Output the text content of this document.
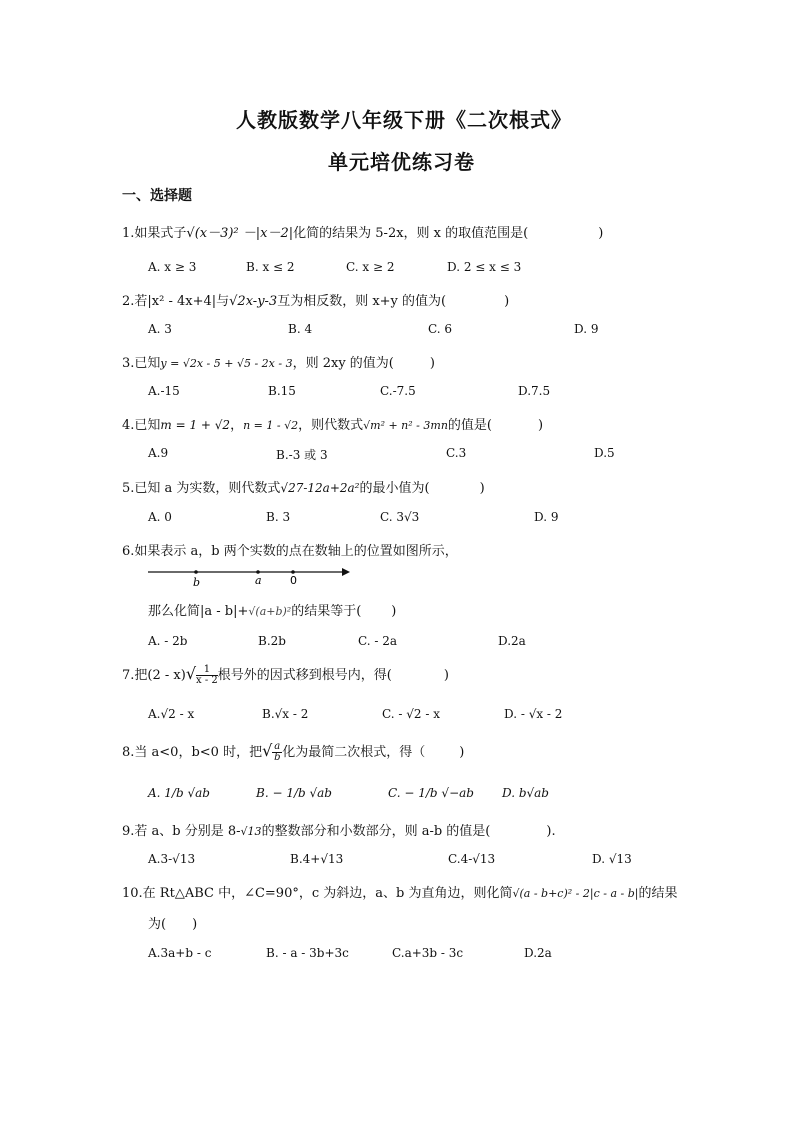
人教版数学八年级下册《二次根式》
单元培优练习卷
一、选择题
1.如果式子√(x－3)² －|x－2|化简的结果为 5-2x，则 x 的取值范围是(	)
A. x ≥ 3	B. x ≤ 2	C. x ≥ 2	D. 2 ≤ x ≤ 3
2.若|x² - 4x+4|与√2x-y-3互为相反数，则 x+y 的值为(	)
A. 3	B. 4	C. 6	D. 9
3.已知y = √2x - 5 + √5 - 2x - 3，则 2xy 的值为(	)
A.-15	B.15	C.-7.5	D.7.5
4.已知m = 1 + √2，n = 1 - √2，则代数式√m² + n² - 3mn的值是(	)
A.9	B.-3 或 3	C.3	D.5
5.已知 a 为实数，则代数式√27-12a+2a²的最小值为(	)
A. 0	B. 3	C. 3√3	D. 9
6.如果表示 a，b 两个实数的点在数轴上的位置如图所示，
b	a	0
那么化简|a - b|+√(a+b)²的结果等于( )
A. - 2b	B.2b	C. - 2a	D.2a
7.把$(2 - x)√ \frac{1}{x - 2}$ 根号外的因式移到根号内，得(	)
A.√2 - x	B.√x - 2	C. - √2 - x	D. - √x - 2
8.当 a<0，b<0 时，把√ $\frac{a}{b}$ 化为最简二次根式，得（	)
A. 1/b √ab	B. − 1/b √ab	C. − 1/b √−ab D. b√ab
9.若 a、b 分别是 8-√13的整数部分和小数部分，则 a-b 的值是(	).
A.3-√13	B.4+√13	C.4-√13	D. √13
10.在 Rt△ABC 中，∠C=90°，c 为斜边，a、b 为直角边，则化简√(a - b+c)² - 2|c - a - b|的结果
为( )
A.3a+b - c	B. - a - 3b+3c	C.a+3b - 3c	D.2a
